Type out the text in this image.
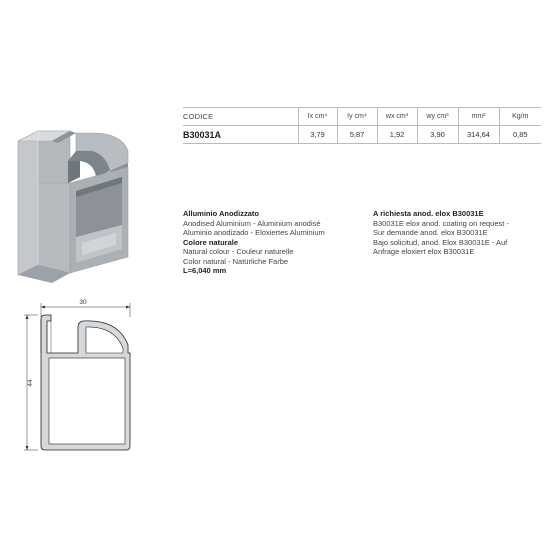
CODICE	Ix cm⁴	Iy cm⁴	wx cm³	wy cm³	mm²	Kg/m
B30031A	3,79	5,87	1,92	3,90	314,64	0,85
Alluminio Anodizzato
Anodised Aluminium - Aluminium anodisé
Aluminio anodizado - Eloxiertes Aluminium
Colore naturale
Natural colour - Couleur naturelle
Color natural - Natürliche Farbe
L=6,040 mm
A richiesta anod. elox B30031E
B30031E elox anod. coating on request -
Sur demande anod. elox B30031E
Bajo solicitud, anod. Elox B30031E - Auf
Anfrage eloxiert elox B30031E
30
44
